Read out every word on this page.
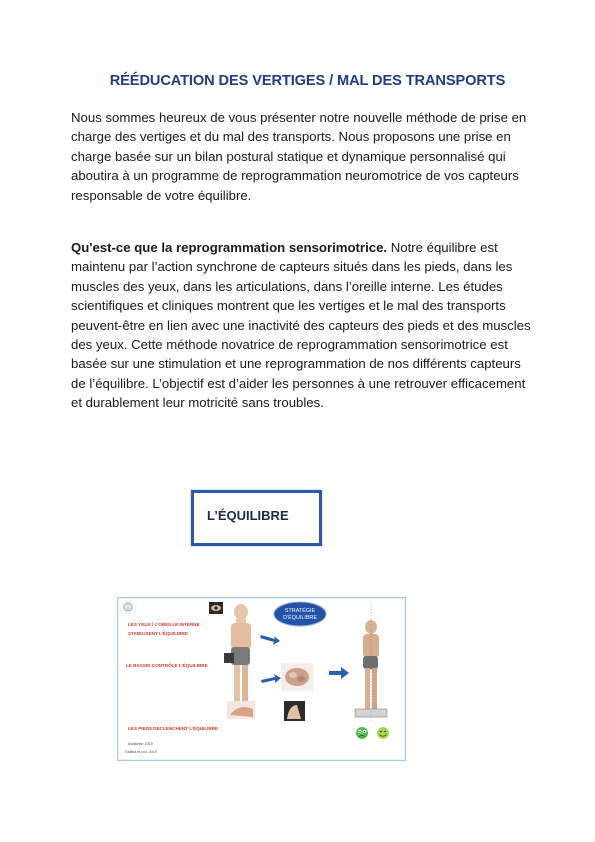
RÉÉDUCATION DES VERTIGES / MAL DES TRANSPORTS

Nous sommes heureux de vous présenter notre nouvelle méthode de prise en charge des vertiges et du mal des transports. Nous proposons une prise en charge basée sur un bilan postural statique et dynamique personnalisé qui aboutira à un programme de reprogrammation neuromotrice de vos capteurs responsable de votre équilibre.

Qu'est-ce que la reprogrammation sensorimotrice. Notre équilibre est maintenu par l’action synchrone de capteurs situés dans les pieds, dans les muscles des yeux, dans les articulations, dans l’oreille interne. Les études scientifiques et cliniques montrent que les vertiges et le mal des transports peuvent-être en lien avec une inactivité des capteurs des pieds et des muscles des yeux. Cette méthode novatrice de reprogrammation sensorimotrice est basée sur une stimulation et une reprogrammation de nos différents capteurs de l’équilibre. L’objectif est d’aider les personnes à une retrouver efficacement et durablement leur motricité sans troubles.

L’ÉQUILIBRE
LES YEUX / L’OREILLE INTERNE
STABILISENT L’ÉQUILIBRE
LE BASSIN CONTRÔLE L’ÉQUILIBRE
LES PIEDS DECLENCHENT L’ÉQUILIBRE
Aslakette, 2019
Gallina et coll, 2019
STRATÉGIE
D’ÉQUILIBRE
